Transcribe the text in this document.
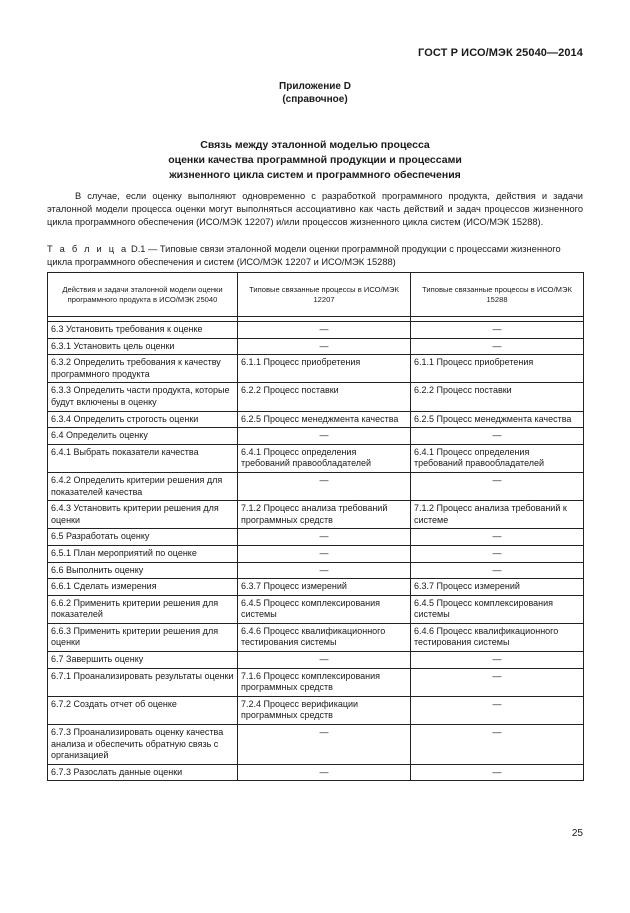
ГОСТ Р ИСО/МЭК 25040—2014
Приложение D
(справочное)
Связь между эталонной моделью процесса
оценки качества программной продукции и процессами
жизненного цикла систем и программного обеспечения
В случае, если оценку выполняют одновременно с разработкой программного продукта, действия и задачи эталонной модели процесса оценки могут выполняться ассоциативно как часть действий и задач процессов жизненного цикла программного обеспечения (ИСО/МЭК 12207) и/или процессов жизненного цикла систем (ИСО/МЭК 15288).
Т а б л и ц а D.1 — Типовые связи эталонной модели оценки программной продукции с процессами жизненного цикла программного обеспечения и систем (ИСО/МЭК 12207 и ИСО/МЭК 15288)
Действия и задачи эталонной модели оценки программного продукта в ИСО/МЭК 25040	Типовые связанные процессы в ИСО/МЭК 12207	Типовые связанные процессы в ИСО/МЭК 15288

6.3 Установить требования к оценке	—	—
6.3.1 Установить цель оценки	—	—
6.3.2 Определить требования к качеству программного продукта	6.1.1 Процесс приобретения	6.1.1 Процесс приобретения
6.3.3 Определить части продукта, которые будут включены в оценку	6.2.2 Процесс поставки	6.2.2 Процесс поставки
6.3.4 Определить строгость оценки	6.2.5 Процесс менеджмента качества	6.2.5 Процесс менеджмента качества
6.4 Определить оценку	—	—
6.4.1 Выбрать показатели качества	6.4.1 Процесс определения требований правообладателей	6.4.1 Процесс определения требований правообладателей
6.4.2 Определить критерии решения для показателей качества	—	—
6.4.3 Установить критерии решения для оценки	7.1.2 Процесс анализа требований программных средств	7.1.2 Процесс анализа требований к системе
6.5 Разработать оценку	—	—
6.5.1 План мероприятий по оценке	—	—
6.6 Выполнить оценку	—	—
6.6.1 Сделать измерения	6.3.7 Процесс измерений	6.3.7 Процесс измерений
6.6.2 Применить критерии решения для показателей	6.4.5 Процесс комплексирования системы	6.4.5 Процесс комплексирования системы
6.6.3 Применить критерии решения для оценки	6.4.6 Процесс квалификационного тестирования системы	6.4.6 Процесс квалификационного тестирования системы
6.7 Завершить оценку	—	—
6.7.1 Проанализировать результаты оценки	7.1.6 Процесс комплексирования программных средств	—
6.7.2 Создать отчет об оценке	7.2.4 Процесс верификации программных средств	—
6.7.3 Проанализировать оценку качества анализа и обеспечить обратную связь с организацией	—	—
6.7.3 Разослать данные оценки	—	—
25
